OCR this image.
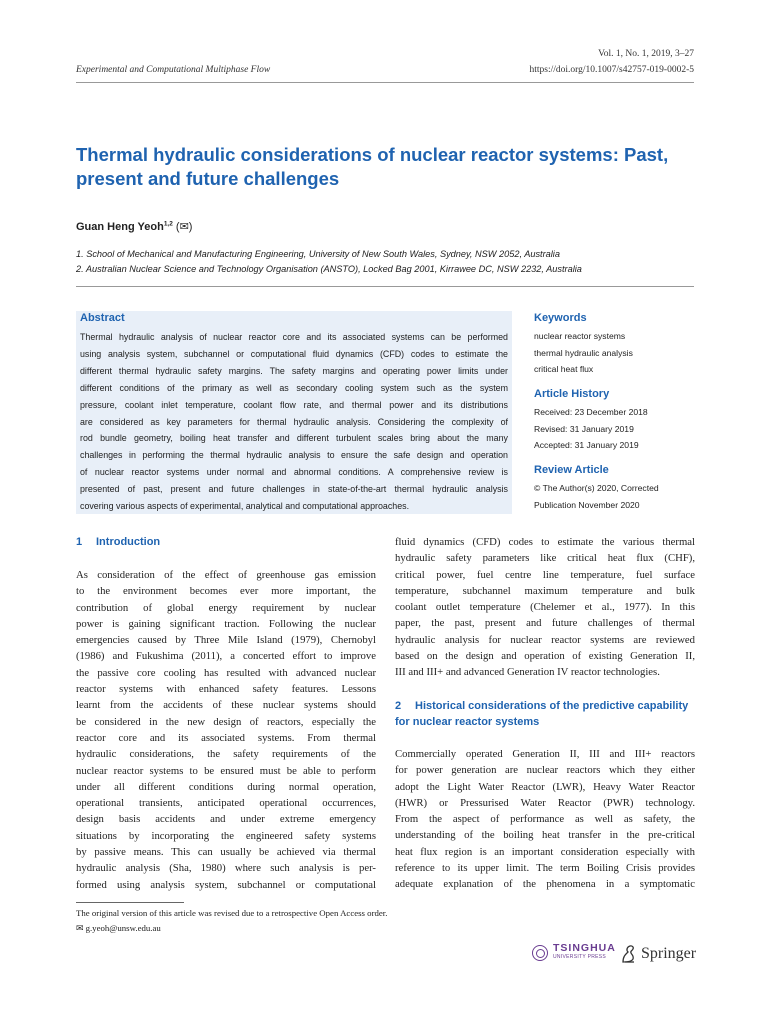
Vol. 1, No. 1, 2019, 3–27
Experimental and Computational Multiphase Flow	https://doi.org/10.1007/s42757-019-0002-5
Thermal hydraulic considerations of nuclear reactor systems: Past,
present and future challenges
Guan Heng Yeoh$^{1,2}$ (✉)
1. School of Mechanical and Manufacturing Engineering, University of New South Wales, Sydney, NSW 2052, Australia
2. Australian Nuclear Science and Technology Organisation (ANSTO), Locked Bag 2001, Kirrawee DC, NSW 2232, Australia
Abstract
Thermal hydraulic analysis of nuclear reactor core and its associated systems can be performed
using analysis system, subchannel or computational fluid dynamics (CFD) codes to estimate the
different thermal hydraulic safety margins. The safety margins and operating power limits under
different conditions of the primary as well as secondary cooling system such as the system
pressure, coolant inlet temperature, coolant flow rate, and thermal power and its distributions
are considered as key parameters for thermal hydraulic analysis. Considering the complexity of
rod bundle geometry, boiling heat transfer and different turbulent scales bring about the many
challenges in performing the thermal hydraulic analysis to ensure the safe design and operation
of nuclear reactor systems under normal and abnormal conditions. A comprehensive review is
presented of past, present and future challenges in state-of-the-art thermal hydraulic analysis
covering various aspects of experimental, analytical and computational approaches.
Keywords
nuclear reactor systems
thermal hydraulic analysis
critical heat flux
Article History
Received: 23 December 2018
Revised: 31 January 2019
Accepted: 31 January 2019
Review Article
© The Author(s) 2020, Corrected
Publication November 2020
1 Introduction
As consideration of the effect of greenhouse gas emission
to the environment becomes ever more important, the
contribution of global energy requirement by nuclear
power is gaining significant traction. Following the nuclear
emergencies caused by Three Mile Island (1979), Chernobyl
(1986) and Fukushima (2011), a concerted effort to improve
the passive core cooling has resulted with advanced nuclear
reactor systems with enhanced safety features. Lessons
learnt from the accidents of these nuclear systems should
be considered in the new design of reactors, especially the
reactor core and its associated systems. From thermal
hydraulic considerations, the safety requirements of the
nuclear reactor systems to be ensured must be able to perform
under all different conditions during normal operation,
operational transients, anticipated operational occurrences,
design basis accidents and under extreme emergency
situations by incorporating the engineered safety systems
by passive means. This can usually be achieved via thermal
hydraulic analysis (Sha, 1980) where such analysis is per-
formed using analysis system, subchannel or computational
fluid dynamics (CFD) codes to estimate the various thermal
hydraulic safety parameters like critical heat flux (CHF),
critical power, fuel centre line temperature, fuel surface
temperature, subchannel maximum temperature and bulk
coolant outlet temperature (Chelemer et al., 1977). In this
paper, the past, present and future challenges of thermal
hydraulic analysis for nuclear reactor systems are reviewed
based on the design and operation of existing Generation II,
III and III+ and advanced Generation IV reactor technologies.
2 Historical considerations of the predictive capability
for nuclear reactor systems
Commercially operated Generation II, III and III+ reactors
for power generation are nuclear reactors which they either
adopt the Light Water Reactor (LWR), Heavy Water Reactor
(HWR) or Pressurised Water Reactor (PWR) technology.
From the aspect of performance as well as safety, the
understanding of the boiling heat transfer in the pre-critical
heat flux region is an important consideration especially with
reference to its upper limit. The term Boiling Crisis provides
adequate explanation of the phenomena in a symptomatic
The original version of this article was revised due to a retrospective Open Access order.
✉ g.yeoh@unsw.edu.au
TSINGHUA
UNIVERSITY PRESS	Springer
